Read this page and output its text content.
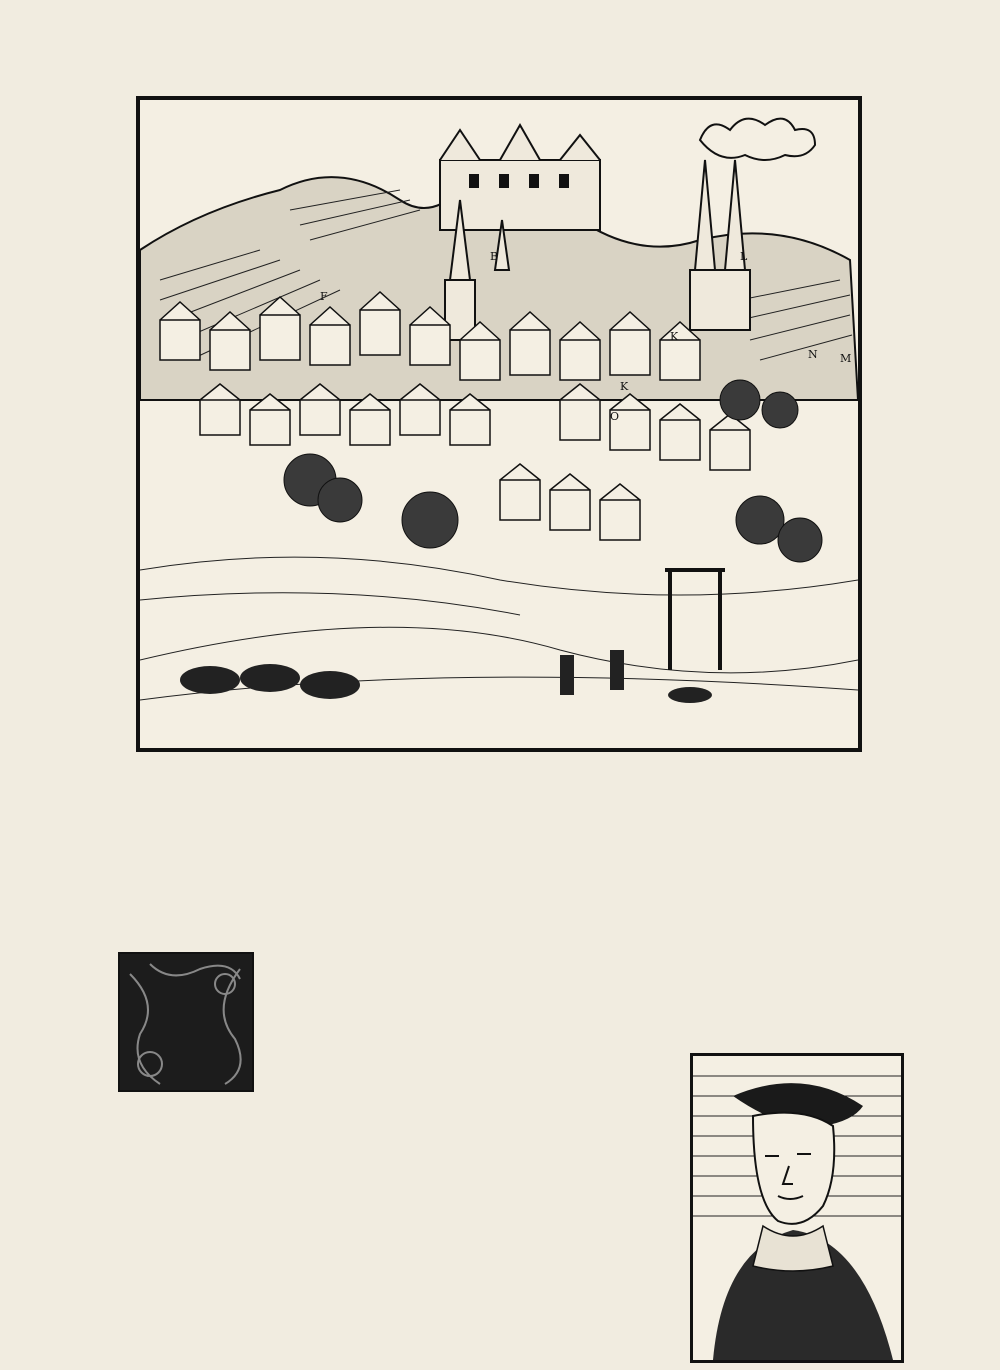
F
B
K
L
N M
K
O
